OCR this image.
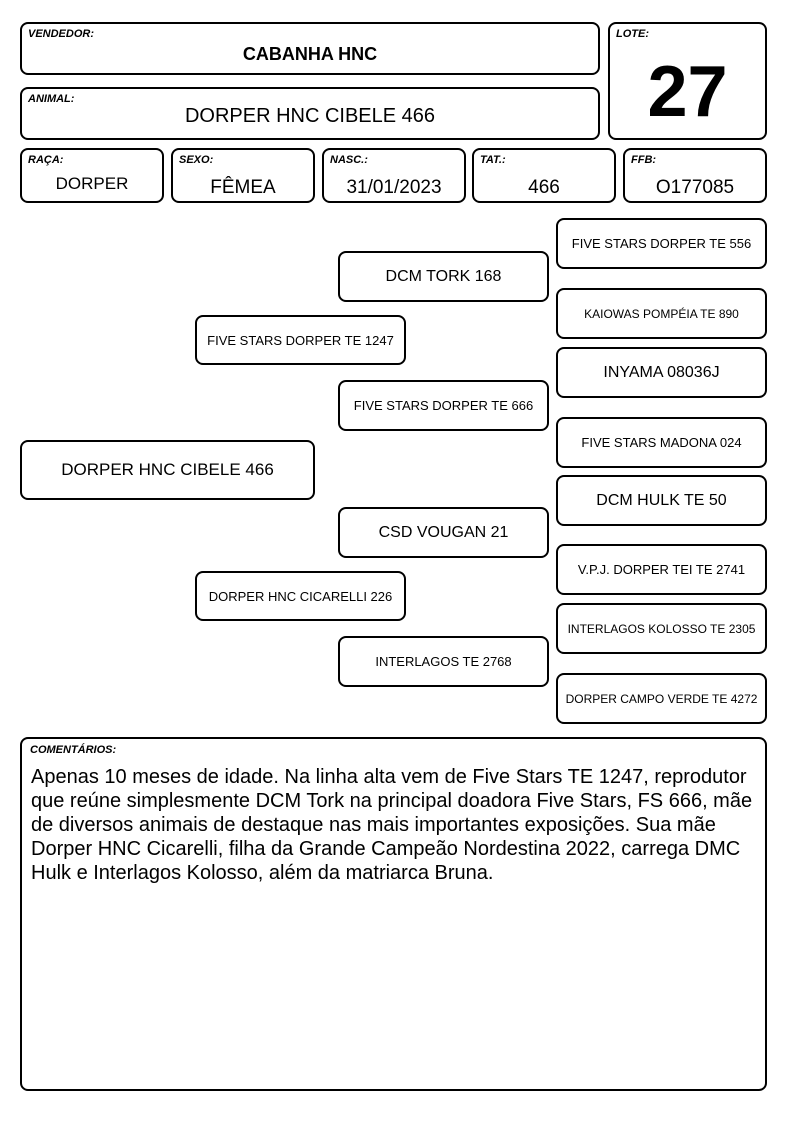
VENDEDOR:
CABANHA HNC
ANIMAL:
DORPER HNC CIBELE 466
LOTE:
27
RAÇA:
DORPER
SEXO:
FÊMEA
NASC.:
31/01/2023
TAT.:
466
FFB:
O177085
DORPER HNC CIBELE 466
FIVE STARS DORPER TE 1247
DORPER HNC CICARELLI 226
DCM TORK 168
FIVE STARS DORPER TE 666
CSD VOUGAN 21
INTERLAGOS TE 2768
FIVE STARS DORPER TE 556
KAIOWAS POMPÉIA TE 890
INYAMA 08036J
FIVE STARS MADONA 024
DCM HULK TE 50
V.P.J. DORPER TEI TE 2741
INTERLAGOS KOLOSSO TE 2305
DORPER CAMPO VERDE TE 4272
COMENTÁRIOS:
Apenas 10 meses de idade. Na linha alta vem de Five Stars TE 1247, reprodutor que reúne simplesmente DCM Tork na principal doadora Five Stars, FS 666, mãe de diversos animais de destaque nas mais importantes exposições. Sua mãe Dorper HNC Cicarelli, filha da Grande Campeão Nordestina 2022, carrega DMC Hulk e Interlagos Kolosso, além da matriarca Bruna.
